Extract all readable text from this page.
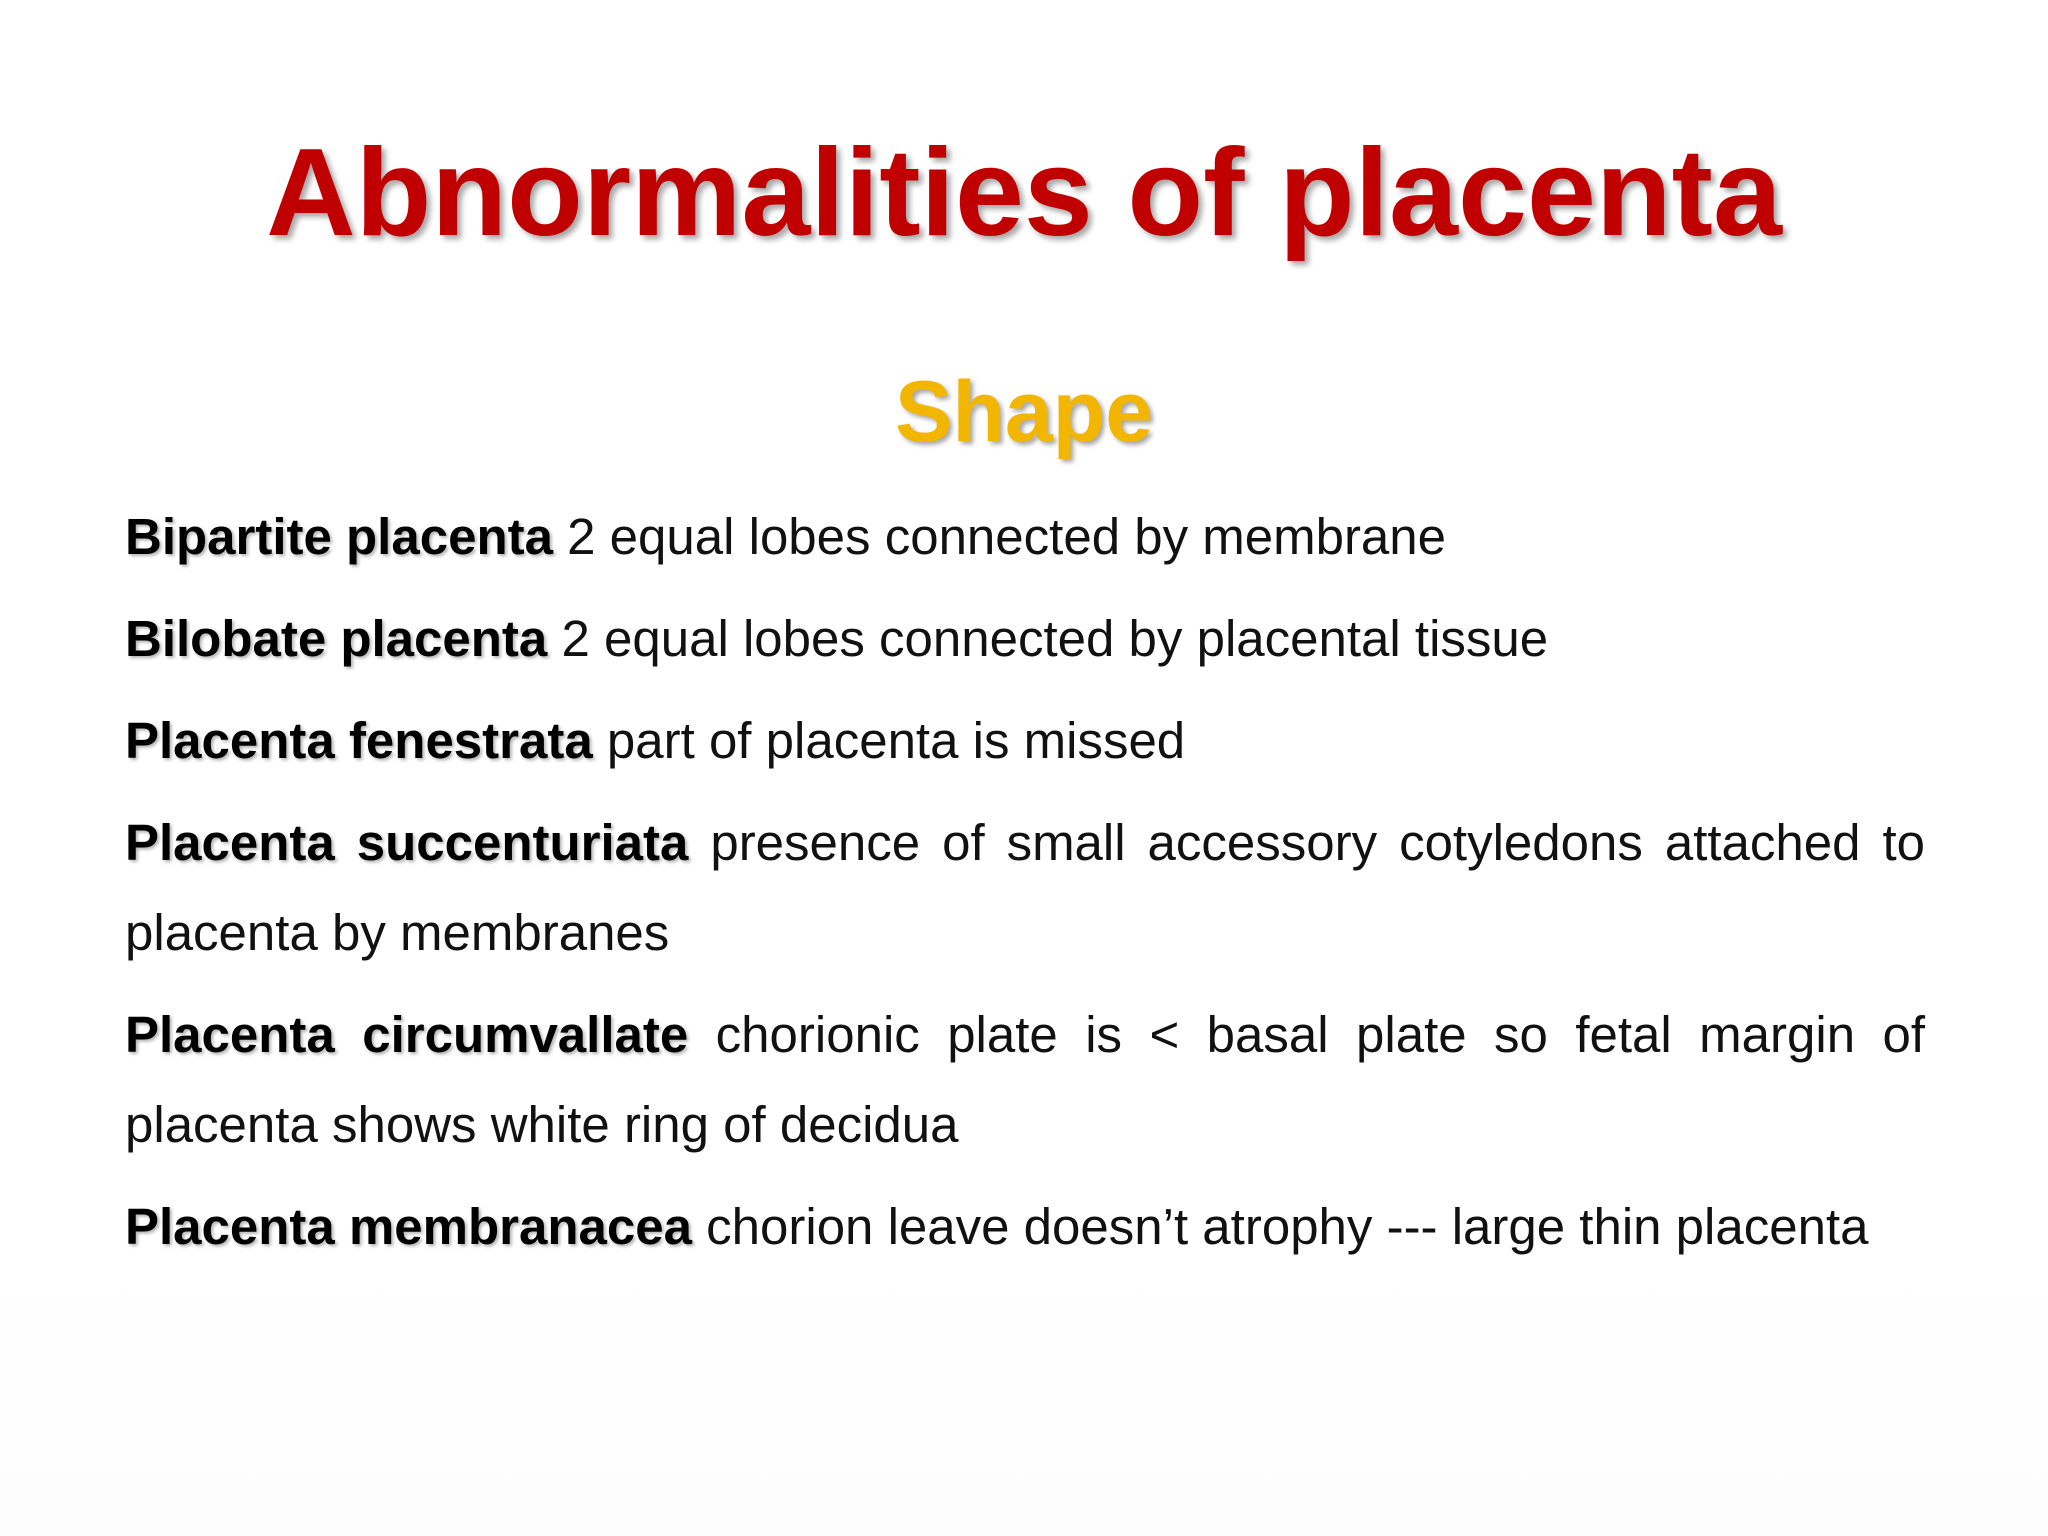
Abnormalities of placenta
Shape

Bipartite placenta 2 equal lobes connected by membrane

Bilobate placenta 2 equal lobes connected by placental tissue

Placenta fenestrata part of placenta is missed

Placenta succenturiata presence of small accessory cotyledons attached to placenta by membranes

Placenta circumvallate chorionic plate is < basal plate so fetal margin of placenta shows white ring of decidua

Placenta membranacea chorion leave doesn’t atrophy --- large thin placenta
